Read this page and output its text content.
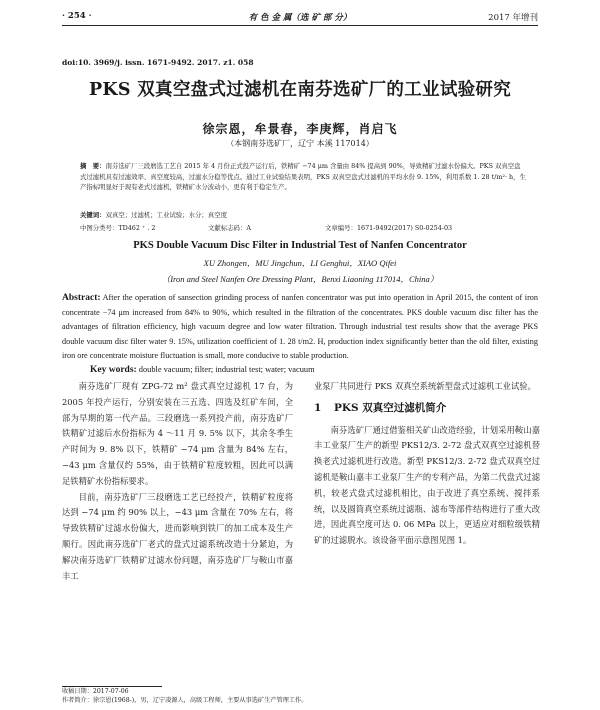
· 254 ·	有 色 金 属（选 矿 部 分）	2017 年增刊
doi:10. 3969/j. issn. 1671-9492. 2017. z1. 058
PKS 双真空盘式过滤机在南芬选矿厂的工业试验研究
徐宗恩，牟景春，李庚辉，肖启飞
（本钢南芬选矿厂，辽宁 本溪 117014）
摘　要：南芬选矿厂三段磨选工艺自 2015 年 4 月份正式投产运行后，铁精矿 −74 μm 含量由 84% 提高到 90%，导致精矿过滤水份偏大。PKS 双真空盘式过滤机具有过滤效率、真空度较高，过滤水分稳等优点。通过工业试验结果表明，PKS 双真空盘式过滤机的平均水份 9. 15%，利用系数 1. 28 t/m²· h，生产指标明显好于现有老式过滤机，铁精矿水分波动小，更有利于稳定生产。
关键词：双真空；过滤机；工业试验；水分；真空度
中图分类号：TD462 ⁺ . 2	文献标志码：A	文章编号：1671-9492(2017) S0-0254-03
PKS Double Vacuum Disc Filter in Industrial Test of Nanfen Concentrator
XU Zhongen，MU Jingchun，LI Genghui，XIAO Qifei
（Iron and Steel Nanfen Ore Dressing Plant，Benxi Liaoning 117014，China）
Abstract: After the operation of sansection grinding process of nanfen concentrator was put into operation in April 2015, the content of iron concentrate −74 μm increased from 84% to 90%, which resulted in the filtration of the concentrates. PKS double vacuum disc filter has the advantages of filtration efficiency, high vacuum degree and low water filtration. Through industrial test results show that the average PKS double vacuum disc filter water 9. 15%, utilization coefficient of 1. 28 t/m2. H, production index significantly better than the old filter, existing iron ore concentrate moisture fluctuation is small, more conducive to stable production.
Key words: double vacuum; filter; industrial test; water; vacuum

南芬选矿厂现有 ZPG-72 m² 盘式真空过滤机 17 台，为 2005 年投产运行，分别安装在三五选、四选及红矿车间，全部为早期的第一代产品。三段磨选一系列投产前，南芬选矿厂铁精矿过滤后水份指标为 4 ～11 月 9. 5% 以下，其余冬季生产时间为 9. 8% 以下，铁精矿 −74 μm 含量为 84% 左右，−43 μm 含量仅约 55%，由于铁精矿粒度较粗，因此可以满足铁精矿水份指标要求。

目前，南芬选矿厂三段磨选工艺已经投产，铁精矿粒度将达到 −74 μm 约 90% 以上，−43 μm 含量在 70% 左右，将导致铁精矿过滤水份偏大，进而影响到铁厂的加工成本及生产顺行。因此南芬选矿厂老式的盘式过滤系统改造十分紧迫，为解决南芬选矿厂铁精矿过滤水份问题，南芬选矿厂与鞍山市嘉丰工

业泵厂共同进行 PKS 双真空系统新型盘式过滤机工业试验。

1 PKS 双真空过滤机简介

南芬选矿厂通过借鉴相关矿山改造经验，计划采用鞍山嘉丰工业泵厂生产的新型 PKS12/3. 2-72 盘式双真空过滤机替换老式过滤机进行改造。新型 PKS12/3. 2-72 盘式双真空过滤机是鞍山嘉丰工业泵厂生产的专利产品，为第二代盘式过滤机，较老式盘式过滤机相比，由于改进了真空系统、搅拌系统，以及圆筒真空系统过滤瓶、滤布等部件结构进行了重大改进，因此真空度可达 0. 06 MPa 以上，更适应对细粒级铁精矿的过滤脱水。该设备平面示意图见图 1。

收稿日期：2017-07-06
作者简介：徐宗恩(1968-)，男，辽宁凌源人，高级工程师，主要从事选矿生产管理工作。
